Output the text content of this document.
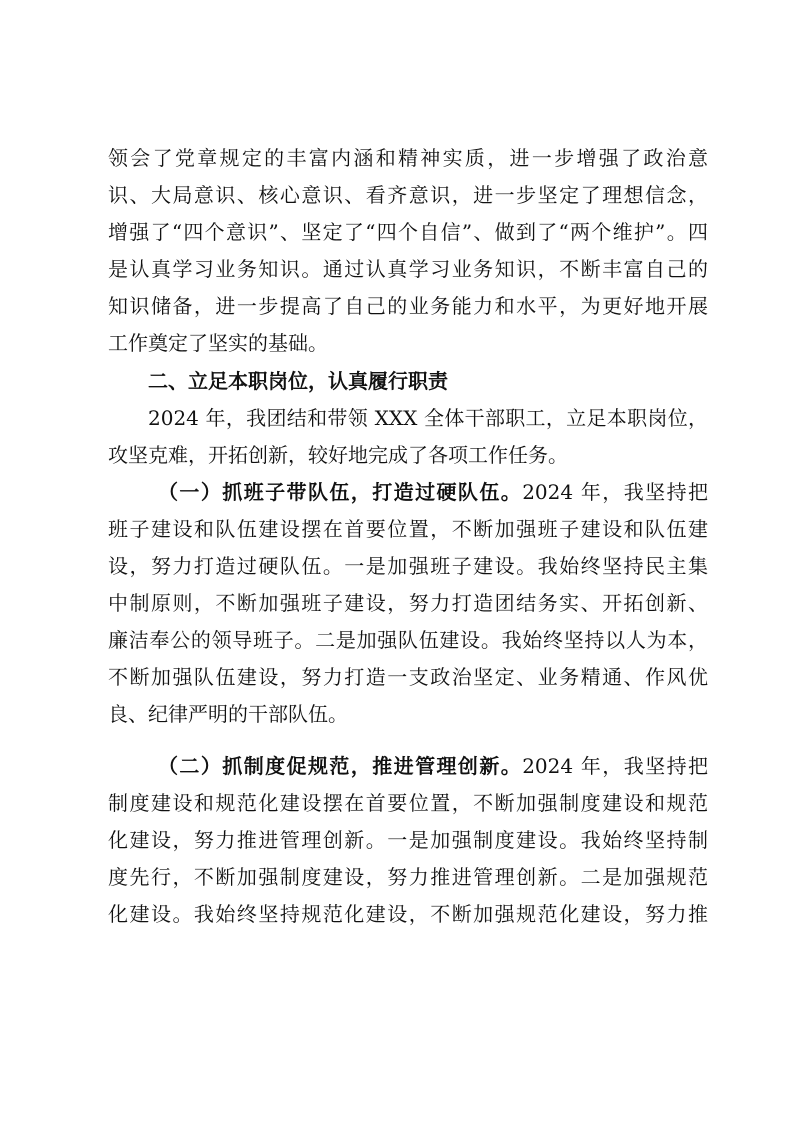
领会了党章规定的丰富内涵和精神实质，进一步增强了政治意
识、大局意识、核心意识、看齐意识，进一步坚定了理想信念，
增强了“四个意识”、坚定了“四个自信”、做到了“两个维护”。四
是认真学习业务知识。通过认真学习业务知识，不断丰富自己的
知识储备，进一步提高了自己的业务能力和水平，为更好地开展
工作奠定了坚实的基础。
二、立足本职岗位，认真履行职责
2024 年，我团结和带领 XXX 全体干部职工，立足本职岗位，
攻坚克难，开拓创新，较好地完成了各项工作任务。
（一）抓班子带队伍，打造过硬队伍。2024 年，我坚持把
班子建设和队伍建设摆在首要位置，不断加强班子建设和队伍建
设，努力打造过硬队伍。一是加强班子建设。我始终坚持民主集
中制原则，不断加强班子建设，努力打造团结务实、开拓创新、
廉洁奉公的领导班子。二是加强队伍建设。我始终坚持以人为本，
不断加强队伍建设，努力打造一支政治坚定、业务精通、作风优
良、纪律严明的干部队伍。
（二）抓制度促规范，推进管理创新。2024 年，我坚持把
制度建设和规范化建设摆在首要位置，不断加强制度建设和规范
化建设，努力推进管理创新。一是加强制度建设。我始终坚持制
度先行，不断加强制度建设，努力推进管理创新。二是加强规范
化建设。我始终坚持规范化建设，不断加强规范化建设，努力推
